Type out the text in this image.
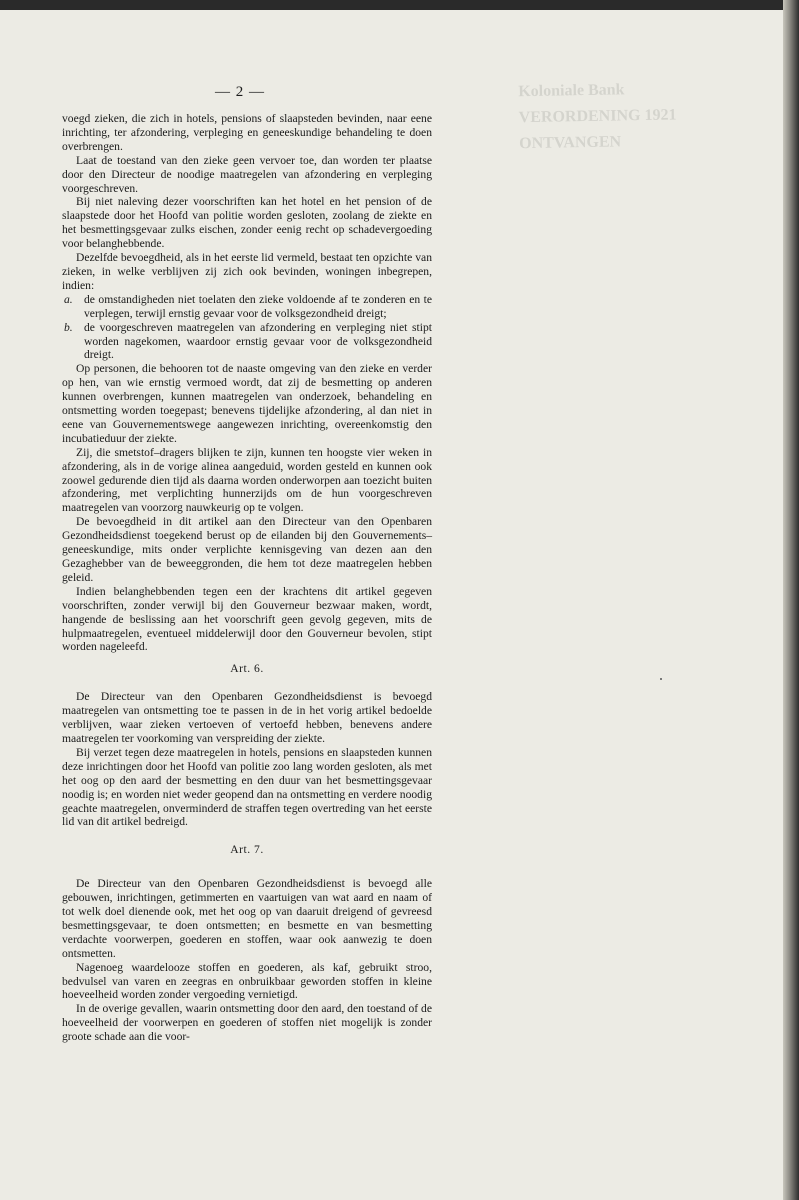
— 2 —

voegd zieken, die zich in hotels, pensions of slaapsteden bevinden, naar eene inrichting, ter afzondering, verpleging en geneeskundige behandeling te doen overbrengen.

Laat de toestand van den zieke geen vervoer toe, dan worden ter plaatse door den Directeur de noodige maatregelen van afzondering en verpleging voorgeschreven.

Bij niet naleving dezer voorschriften kan het hotel en het pension of de slaapstede door het Hoofd van politie worden gesloten, zoolang de ziekte en het besmettingsgevaar zulks eischen, zonder eenig recht op schadevergoeding voor belanghebbende.

Dezelfde bevoegdheid, als in het eerste lid vermeld, bestaat ten opzichte van zieken, in welke verblijven zij zich ook bevinden, woningen inbegrepen, indien:

a. de omstandigheden niet toelaten den zieke voldoende af te zonderen en te verplegen, terwijl ernstig gevaar voor de volksgezondheid dreigt;
b. de voorgeschreven maatregelen van afzondering en verpleging niet stipt worden nagekomen, waardoor ernstig gevaar voor de volksgezondheid dreigt.

Op personen, die behooren tot de naaste omgeving van den zieke en verder op hen, van wie ernstig vermoed wordt, dat zij de besmetting op anderen kunnen overbrengen, kunnen maatregelen van onderzoek, behandeling en ontsmetting worden toegepast; benevens tijdelijke afzondering, al dan niet in eene van Gouvernementswege aangewezen inrichting, overeenkomstig den incubatieduur der ziekte.

Zij, die smetstof–dragers blijken te zijn, kunnen ten hoogste vier weken in afzondering, als in de vorige alinea aangeduid, worden gesteld en kunnen ook zoowel gedurende dien tijd als daarna worden onderworpen aan toezicht buiten afzondering, met verplichting hunnerzijds om de hun voorgeschreven maatregelen van voorzorg nauwkeurig op te volgen.

De bevoegdheid in dit artikel aan den Directeur van den Openbaren Gezondheidsdienst toegekend berust op de eilanden bij den Gouvernements–geneeskundige, mits onder verplichte kennisgeving van dezen aan den Gezaghebber van de beweeggronden, die hem tot deze maatregelen hebben geleid.

Indien belanghebbenden tegen een der krachtens dit artikel gegeven voorschriften, zonder verwijl bij den Gouverneur bezwaar maken, wordt, hangende de beslissing aan het voorschrift geen gevolg gegeven, mits de hulpmaatregelen, eventueel middelerwijl door den Gouverneur bevolen, stipt worden nageleefd.

Art. 6.

De Directeur van den Openbaren Gezondheidsdienst is bevoegd maatregelen van ontsmetting toe te passen in de in het vorig artikel bedoelde verblijven, waar zieken vertoeven of vertoefd hebben, benevens andere maatregelen ter voorkoming van verspreiding der ziekte.

Bij verzet tegen deze maatregelen in hotels, pensions en slaapsteden kunnen deze inrichtingen door het Hoofd van politie zoo lang worden gesloten, als met het oog op den aard der besmetting en den duur van het besmettingsgevaar noodig is; en worden niet weder geopend dan na ontsmetting en verdere noodig geachte maatregelen, onverminderd de straffen tegen overtreding van het eerste lid van dit artikel bedreigd.

Art. 7.

De Directeur van den Openbaren Gezondheidsdienst is bevoegd alle gebouwen, inrichtingen, getimmerten en vaartuigen van wat aard en naam of tot welk doel dienende ook, met het oog op van daaruit dreigend of gevreesd besmettingsgevaar, te doen ontsmetten; en besmette en van besmetting verdachte voorwerpen, goederen en stoffen, waar ook aanwezig te doen ontsmetten.

Nagenoeg waardelooze stoffen en goederen, als kaf, gebruikt stroo, bedvulsel van varen en zeegras en onbruikbaar geworden stoffen in kleine hoeveelheid worden zonder vergoeding vernietigd.

In de overige gevallen, waarin ontsmetting door den aard, den toestand of de hoeveelheid der voorwerpen en goederen of stoffen niet mogelijk is zonder groote schade aan die voor-
